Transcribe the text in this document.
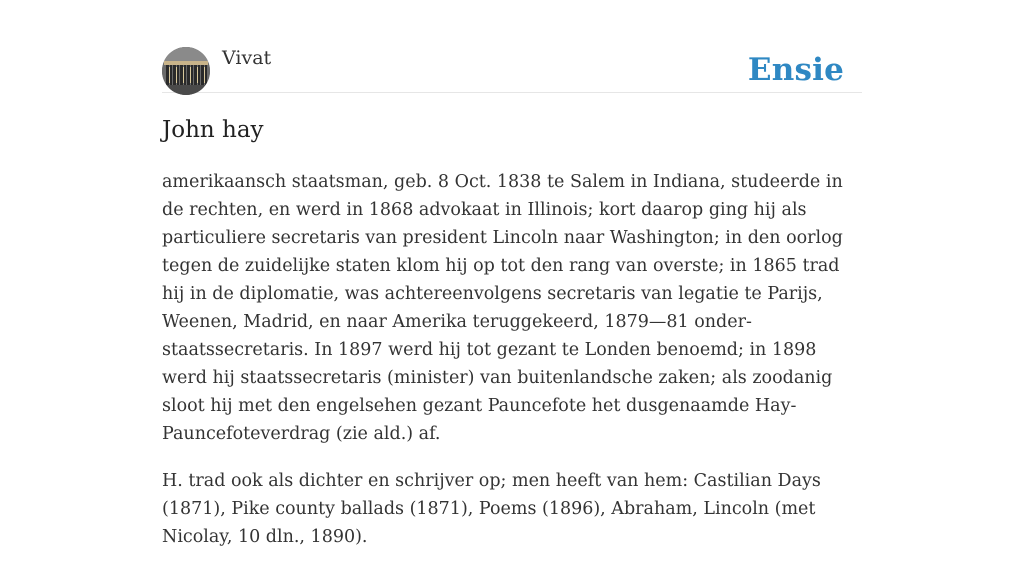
Vivat	Ensie
John hay

amerikaansch staatsman, geb. 8 Oct. 1838 te Salem in Indiana, studeerde in de rechten, en werd in 1868 advokaat in Illinois; kort daarop ging hij als particuliere secretaris van president Lincoln naar Washington; in den oorlog tegen de zuidelijke staten klom hij op tot den rang van overste; in 1865 trad hij in de diplomatie, was achtereenvolgens secretaris van legatie te Parijs, Weenen, Madrid, en naar Amerika teruggekeerd, 1879—81 onder-staatssecretaris. In 1897 werd hij tot gezant te Londen benoemd; in 1898 werd hij staatssecretaris (minister) van buitenlandsche zaken; als zoodanig sloot hij met den engelsehen gezant Pauncefote het dusgenaamde Hay-Pauncefoteverdrag (zie ald.) af.

H. trad ook als dichter en schrijver op; men heeft van hem: Castilian Days (1871), Pike county ballads (1871), Poems (1896), Abraham, Lincoln (met Nicolay, 10 dln., 1890).
